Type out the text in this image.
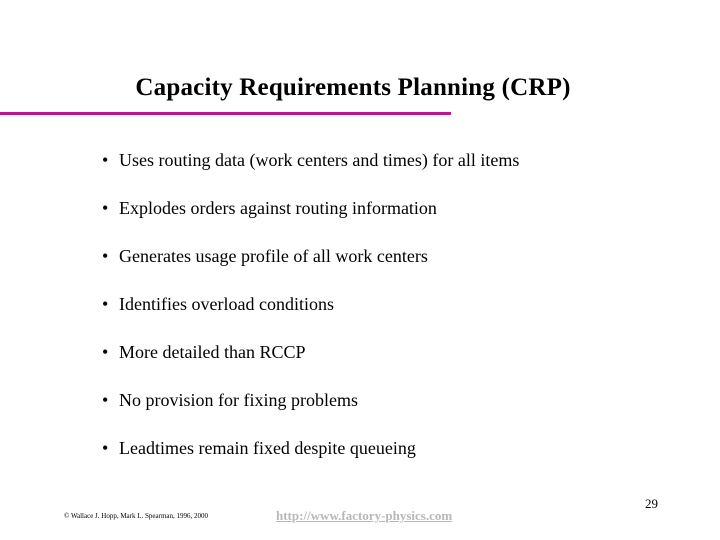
Capacity Requirements Planning (CRP)
• Uses routing data (work centers and times) for all items
• Explodes orders against routing information
• Generates usage profile of all work centers
• Identifies overload conditions
• More detailed than RCCP
• No provision for fixing problems
• Leadtimes remain fixed despite queueing
© Wallace J. Hopp, Mark L. Spearman, 1996, 2000	http://www.factory-physics.com
29
